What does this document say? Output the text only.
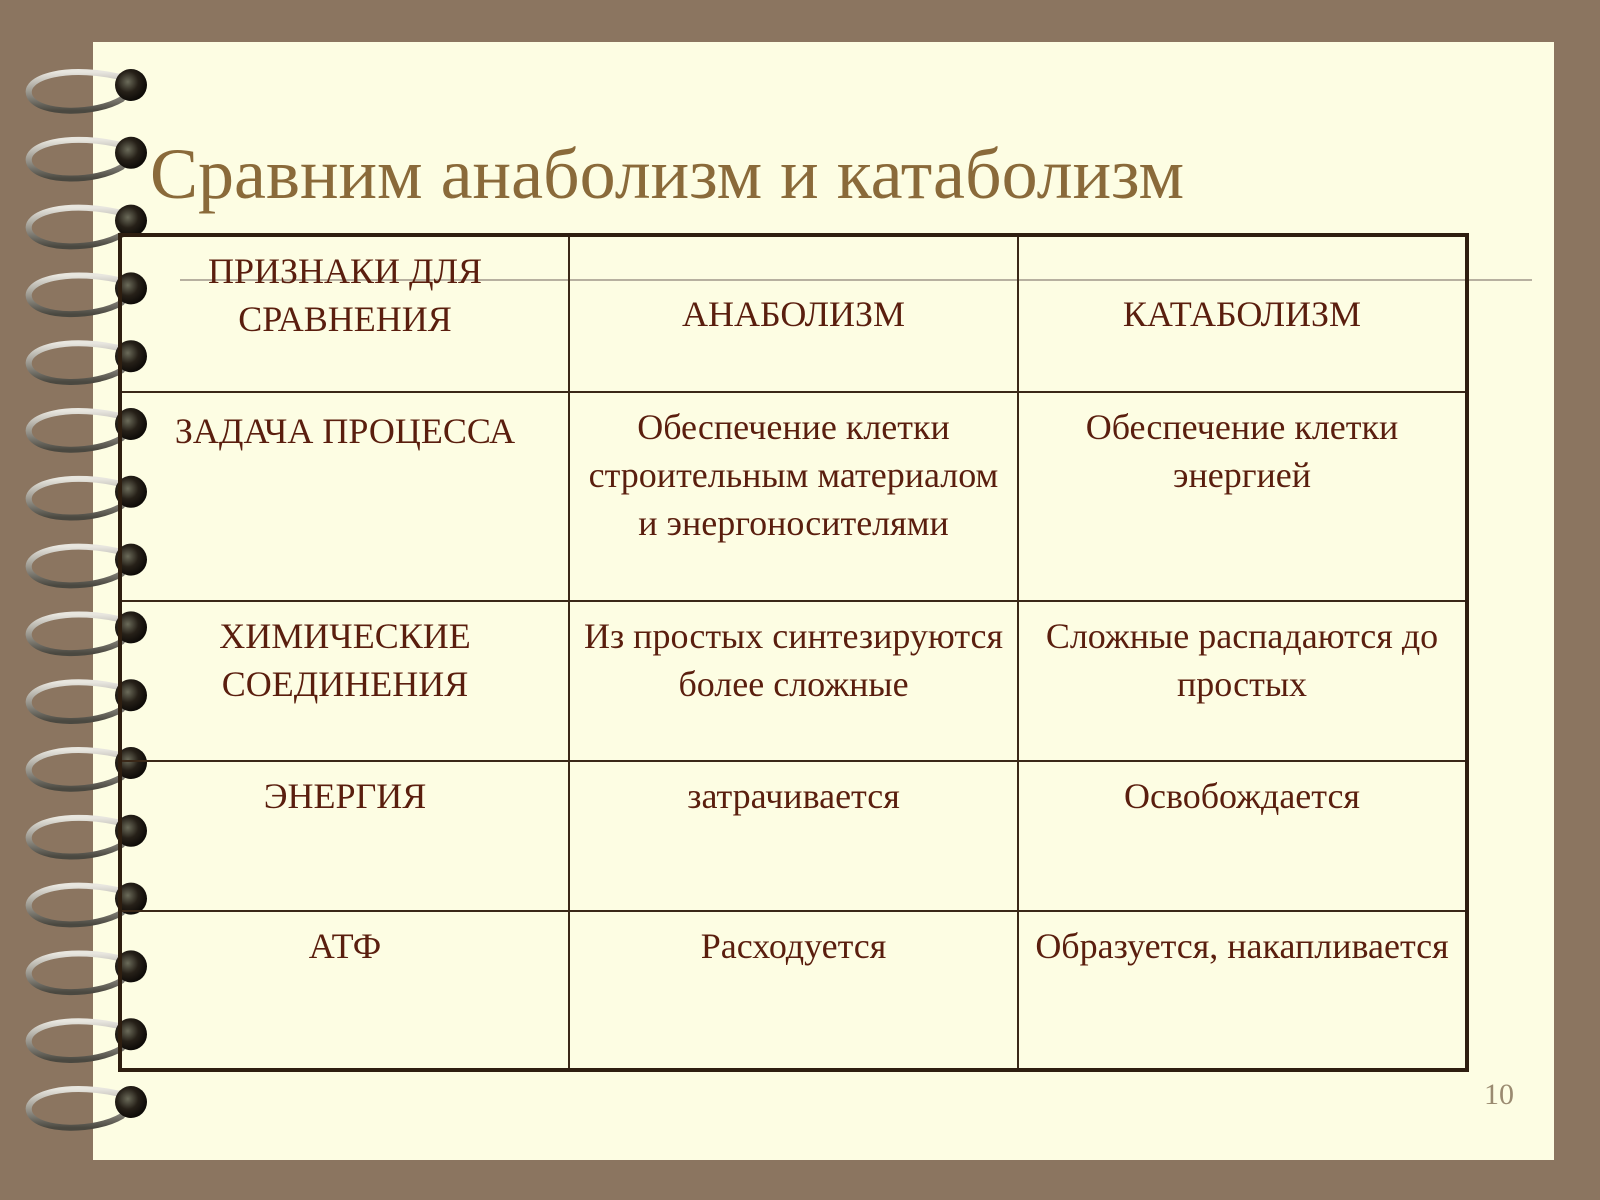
Сравним анаболизм и катаболизм
ПРИЗНАКИ ДЛЯ СРАВНЕНИЯ	АНАБОЛИЗМ	КАТАБОЛИЗМ
ЗАДАЧА ПРОЦЕССА	Обеспечение клетки строительным материалом и энергоносителями	Обеспечение клетки энергией
ХИМИЧЕСКИЕ СОЕДИНЕНИЯ	Из простых синтезируются более сложные	Сложные распадаются до простых
ЭНЕРГИЯ	затрачивается	Освобождается
АТФ	Расходуется	Образуется, накапливается
10
